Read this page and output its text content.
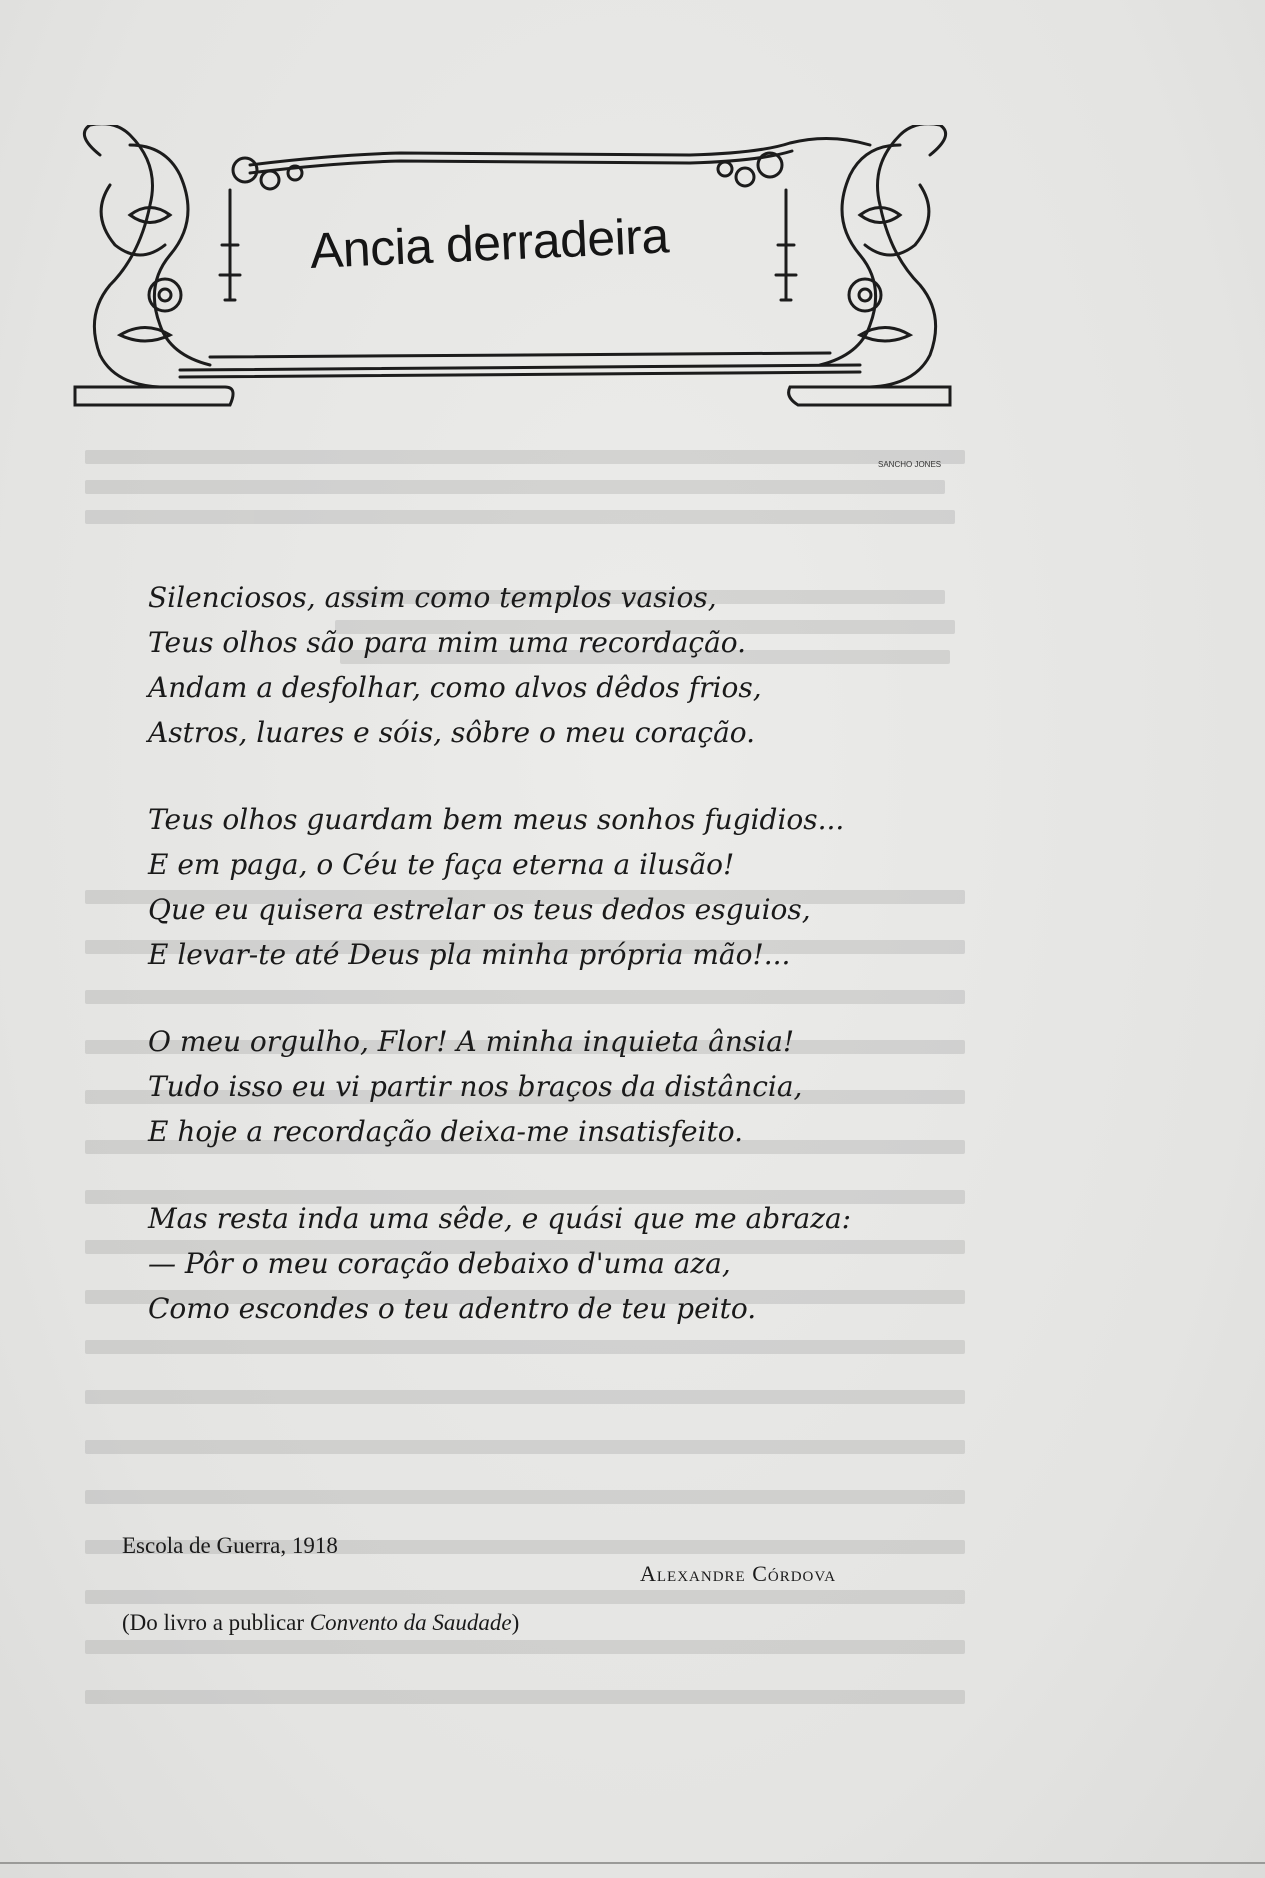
SANCHO JONES
Ancia derradeira
Silenciosos, assim como templos vasios,
Teus olhos são para mim uma recordação.
Andam a desfolhar, como alvos dêdos frios,
Astros, luares e sóis, sôbre o meu coração.
Teus olhos guardam bem meus sonhos fugidios...
E em paga, o Céu te faça eterna a ilusão!
Que eu quisera estrelar os teus dedos esguios,
E levar-te até Deus pla minha própria mão!...
O meu orgulho, Flor! A minha inquieta ânsia!
Tudo isso eu vi partir nos braços da distância,
E hoje a recordação deixa-me insatisfeito.
Mas resta inda uma sêde, e quási que me abraza:
— Pôr o meu coração debaixo d'uma aza,
Como escondes o teu adentro de teu peito.
Escola de Guerra, 1918
Alexandre Córdova
(Do livro a publicar Convento da Saudade)
